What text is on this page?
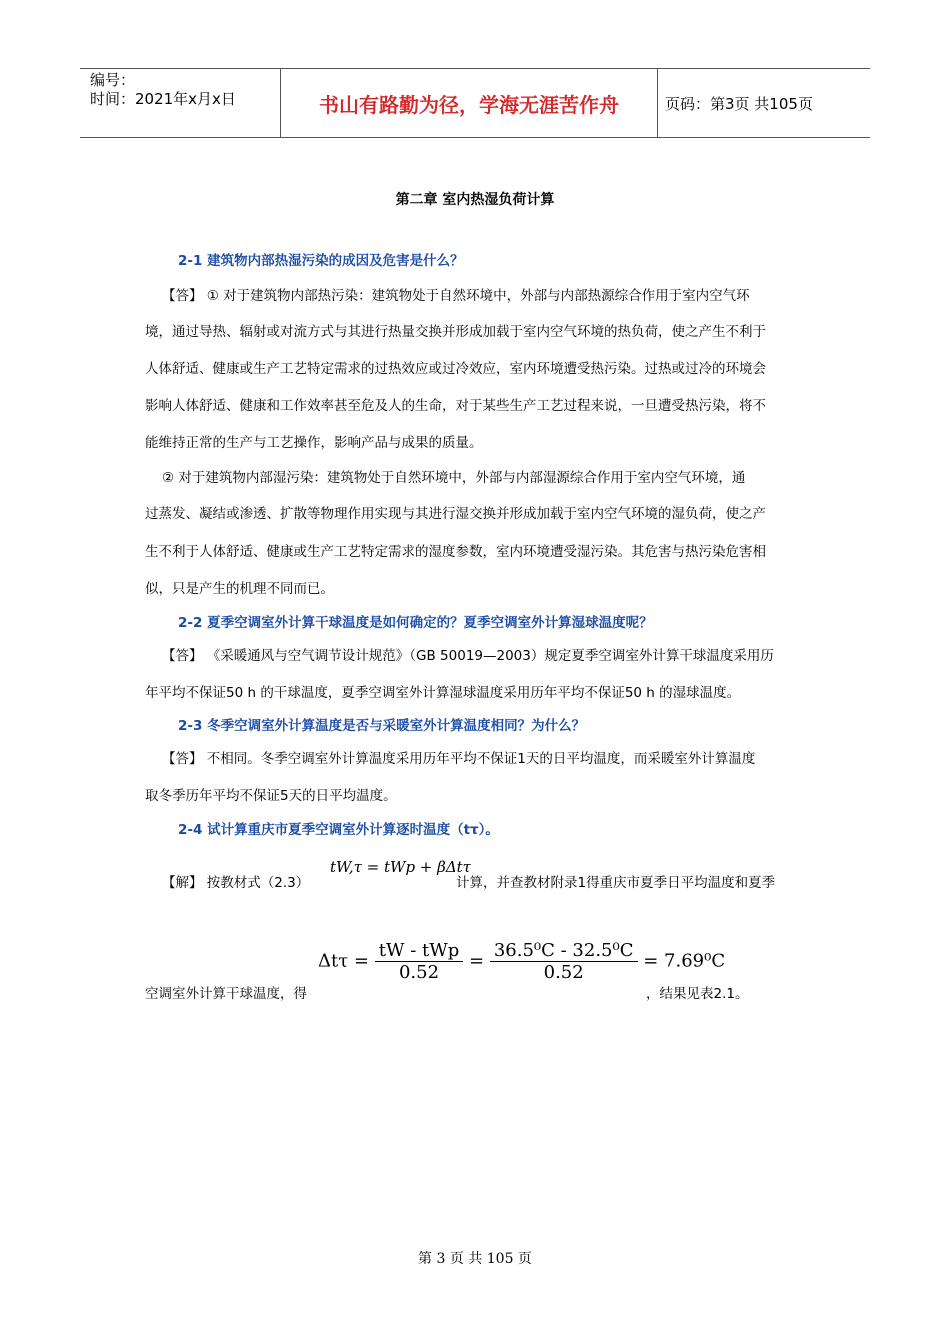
编号：
时间：2021年x月x日	书山有路勤为径，学海无涯苦作舟	页码：第3页 共105页
第二章 室内热湿负荷计算
2-1 建筑物内部热湿污染的成因及危害是什么？
【答】 ① 对于建筑物内部热污染：建筑物处于自然环境中，外部与内部热源综合作用于室内空气环
境，通过导热、辐射或对流方式与其进行热量交换并形成加载于室内空气环境的热负荷，使之产生不利于
人体舒适、健康或生产工艺特定需求的过热效应或过冷效应，室内环境遭受热污染。过热或过冷的环境会
影响人体舒适、健康和工作效率甚至危及人的生命，对于某些生产工艺过程来说，一旦遭受热污染，将不
能维持正常的生产与工艺操作，影响产品与成果的质量。
② 对于建筑物内部湿污染：建筑物处于自然环境中，外部与内部湿源综合作用于室内空气环境，通
过蒸发、凝结或渗透、扩散等物理作用实现与其进行湿交换并形成加载于室内空气环境的湿负荷，使之产
生不利于人体舒适、健康或生产工艺特定需求的湿度参数，室内环境遭受湿污染。其危害与热污染危害相
似，只是产生的机理不同而已。
2-2 夏季空调室外计算干球温度是如何确定的？夏季空调室外计算湿球温度呢？
【答】 《采暖通风与空气调节设计规范》（GB 50019—2003）规定夏季空调室外计算干球温度采用历
年平均不保证50 h 的干球温度，夏季空调室外计算湿球温度采用历年平均不保证50 h 的湿球温度。
2-3 冬季空调室外计算温度是否与采暖室外计算温度相同？为什么？
【答】 不相同。冬季空调室外计算温度采用历年平均不保证1天的日平均温度，而采暖室外计算温度
取冬季历年平均不保证5天的日平均温度。
2-4 试计算重庆市夏季空调室外计算逐时温度（tτ）。
【解】 按教材式（2.3）
tW,τ = tWp + βΔtτ
计算，并查教材附录1得重庆市夏季日平均温度和夏季
空调室外计算干球温度，得
$\Delta t\tau = \frac{\text{tW - tWp}}{0.52} = \frac{\text{36.5⁰C - 32.5⁰C}}{0.52} = 7.69^0C$
，结果见表2.1。
第 3 页 共 105 页
